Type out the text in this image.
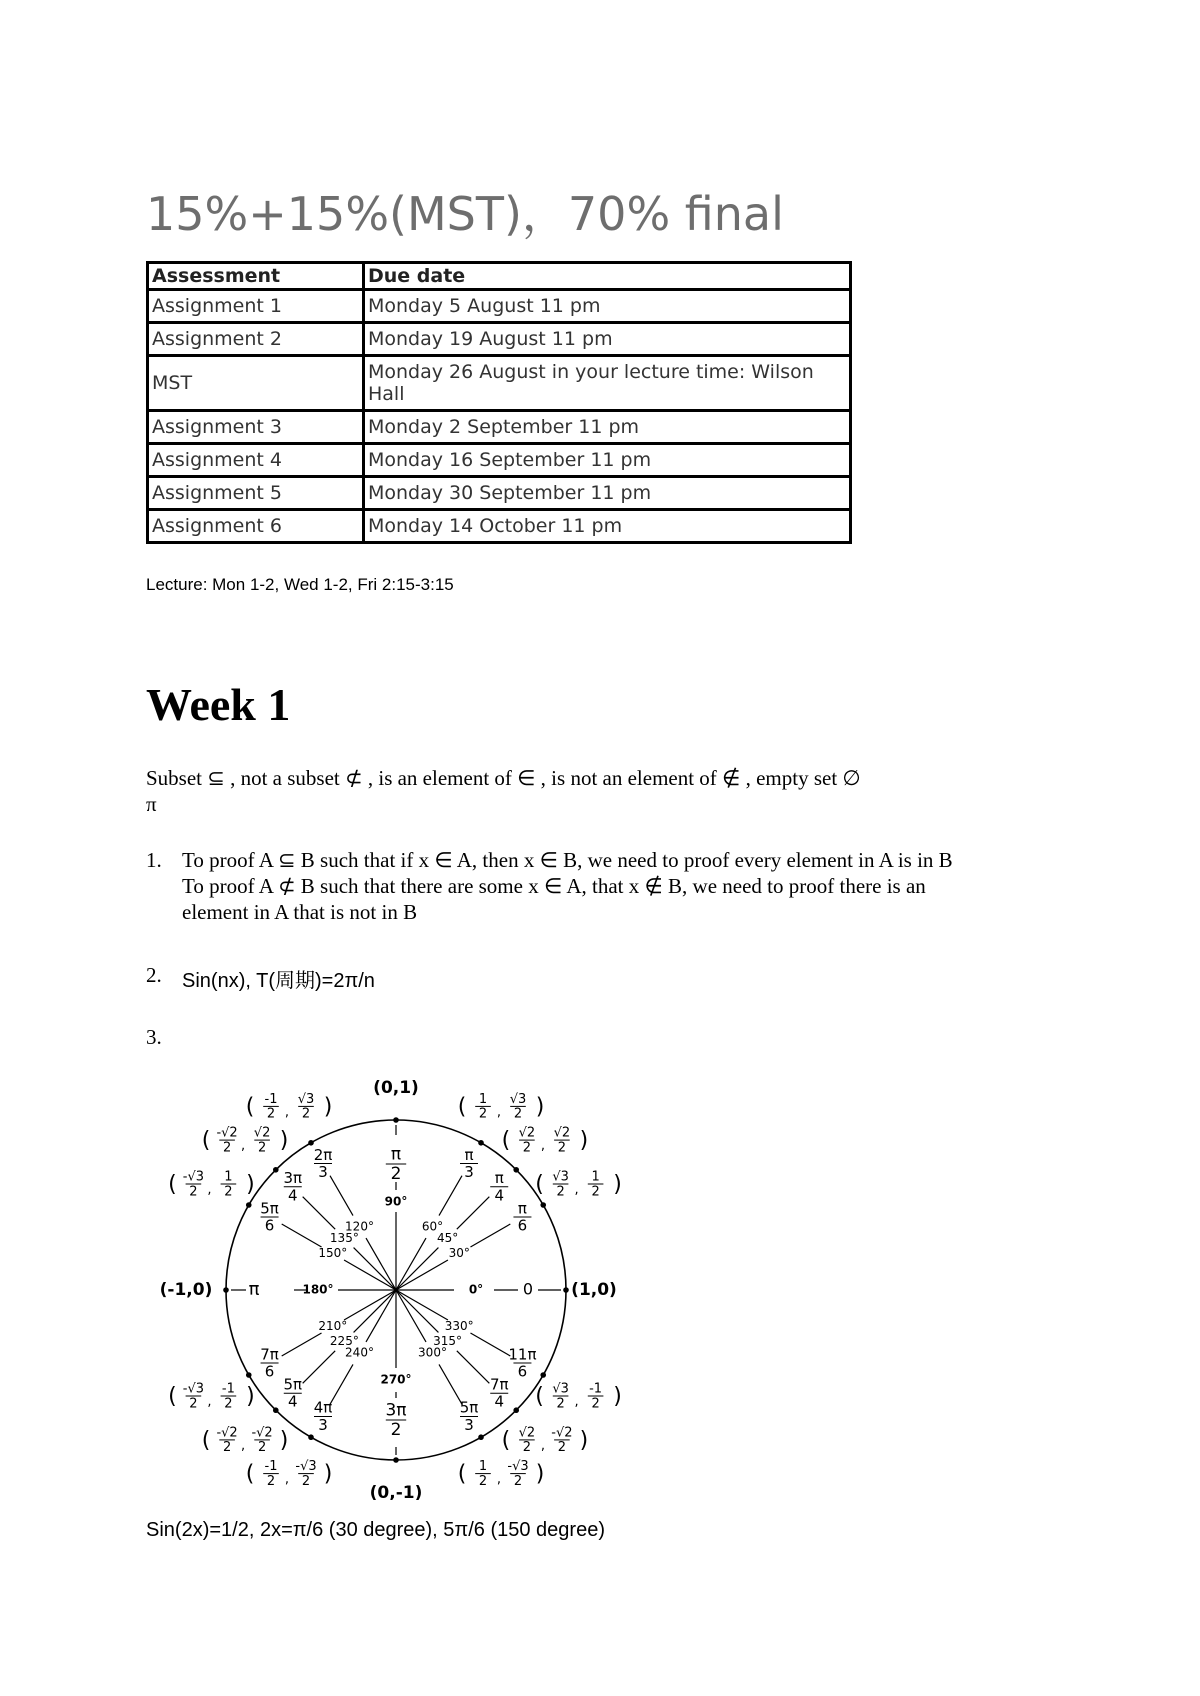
15%+15%(MST)，70% final
Assessment	Due date
Assignment 1	Monday 5 August 11 pm
Assignment 2	Monday 19 August 11 pm
MST	Monday 26 August in your lecture time: Wilson Hall
Assignment 3	Monday 2 September 11 pm
Assignment 4	Monday 16 September 11 pm
Assignment 5	Monday 30 September 11 pm
Assignment 6	Monday 14 October 11 pm
Lecture: Mon 1-2, Wed 1-2, Fri 2:15-3:15
Week 1
Subset ⊆ , not a subset ⊄ , is an element of ∈ , is not an element of ∉ , empty set ∅
π
1. To proof A ⊆ B such that if x ∈ A, then x ∈ B, we need to proof every element in A is in B
To proof A ⊄ B such that there are some x ∈ A, that x ∉ B, we need to proof there is an
element in A that is not in B
2. Sin(nx), T(周期)=2π/n
3.
90°
π
2
270°
3π
2
180°
π	0° 0
(0,1)
(0,-1)
(-1,0)	(1,0)
30°
π
6
( √3
2 ,
1
2 )
45°
π
4
( √2
2 ,
√2
2 )
60°
π
3
( 1
2 ,
√3
2 )
120°
2π
3
( -1
2 ,
√3
2 )
135°
3π
4
( -√2
2 ,
√2
2 )
150°
5π
6
( -√3
2 ,
1
2 )
210°
7π
6
( -√3
2 ,
-1
2 )
225°
5π
4
( -√2
2 ,
-√2
2 )
240°
4π
3
( -1
2 ,
-√3
2 )
300°
5π
3
( 1
2 ,
-√3
2 )
315°
7π
4
( √2
2 ,
-√2
2 )
330°
11π
6
( √3
2 ,
-1
2 )
Sin(2x)=1/2, 2x=π/6 (30 degree), 5π/6 (150 degree)
